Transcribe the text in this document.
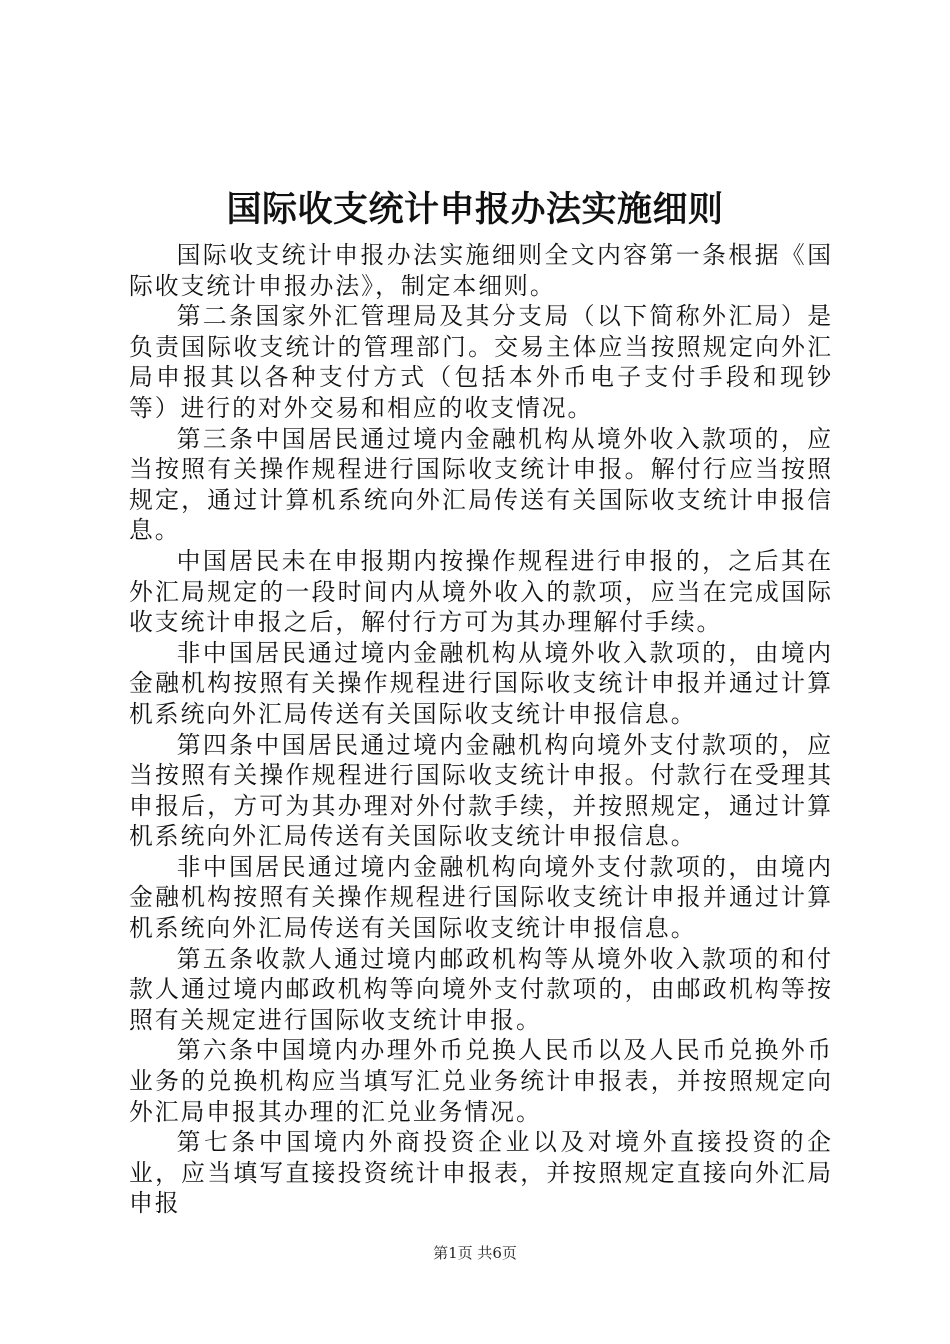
国际收支统计申报办法实施细则

国际收支统计申报办法实施细则全文内容第一条根据《国际收支统计申报办法》，制定本细则。

第二条国家外汇管理局及其分支局（以下简称外汇局）是负责国际收支统计的管理部门。交易主体应当按照规定向外汇局申报其以各种支付方式（包括本外币电子支付手段和现钞等）进行的对外交易和相应的收支情况。

第三条中国居民通过境内金融机构从境外收入款项的，应当按照有关操作规程进行国际收支统计申报。解付行应当按照规定，通过计算机系统向外汇局传送有关国际收支统计申报信息。

中国居民未在申报期内按操作规程进行申报的，之后其在外汇局规定的一段时间内从境外收入的款项，应当在完成国际收支统计申报之后，解付行方可为其办理解付手续。

非中国居民通过境内金融机构从境外收入款项的，由境内金融机构按照有关操作规程进行国际收支统计申报并通过计算机系统向外汇局传送有关国际收支统计申报信息。

第四条中国居民通过境内金融机构向境外支付款项的，应当按照有关操作规程进行国际收支统计申报。付款行在受理其申报后，方可为其办理对外付款手续，并按照规定，通过计算机系统向外汇局传送有关国际收支统计申报信息。

非中国居民通过境内金融机构向境外支付款项的，由境内金融机构按照有关操作规程进行国际收支统计申报并通过计算机系统向外汇局传送有关国际收支统计申报信息。

第五条收款人通过境内邮政机构等从境外收入款项的和付款人通过境内邮政机构等向境外支付款项的，由邮政机构等按照有关规定进行国际收支统计申报。

第六条中国境内办理外币兑换人民币以及人民币兑换外币业务的兑换机构应当填写汇兑业务统计申报表，并按照规定向外汇局申报其办理的汇兑业务情况。

第七条中国境内外商投资企业以及对境外直接投资的企业，应当填写直接投资统计申报表，并按照规定直接向外汇局申报

第1页 共6页
